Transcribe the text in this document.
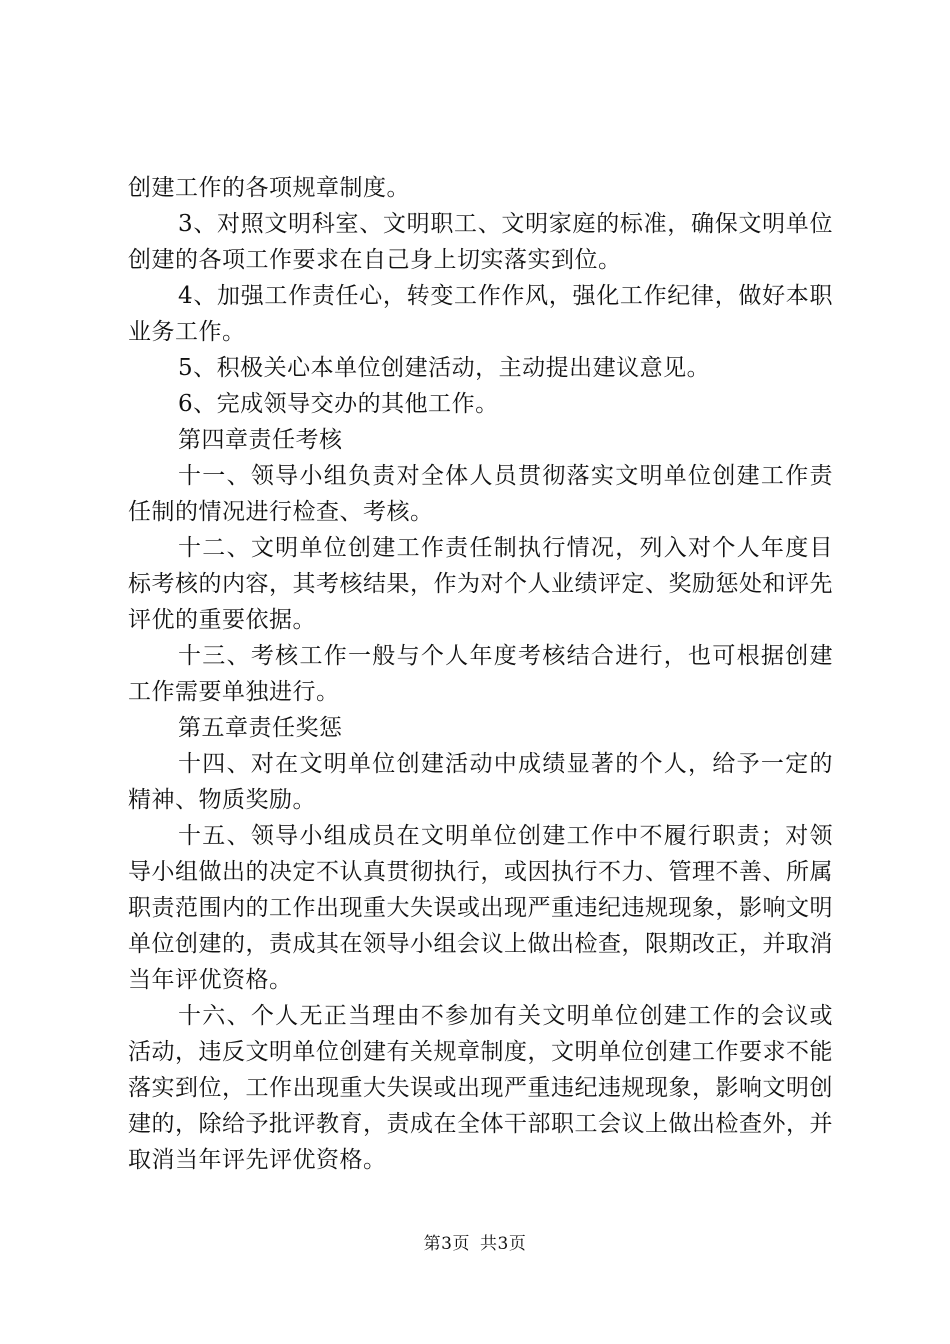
创建工作的各项规章制度。

3、对照文明科室、文明职工、文明家庭的标准，确保文明单位创建的各项工作要求在自己身上切实落实到位。

4、加强工作责任心，转变工作作风，强化工作纪律，做好本职业务工作。

5、积极关心本单位创建活动，主动提出建议意见。

6、完成领导交办的其他工作。

第四章责任考核

十一、领导小组负责对全体人员贯彻落实文明单位创建工作责任制的情况进行检查、考核。

十二、文明单位创建工作责任制执行情况，列入对个人年度目标考核的内容，其考核结果，作为对个人业绩评定、奖励惩处和评先评优的重要依据。

十三、考核工作一般与个人年度考核结合进行，也可根据创建工作需要单独进行。

第五章责任奖惩

十四、对在文明单位创建活动中成绩显著的个人，给予一定的精神、物质奖励。

十五、领导小组成员在文明单位创建工作中不履行职责；对领导小组做出的决定不认真贯彻执行，或因执行不力、管理不善、所属职责范围内的工作出现重大失误或出现严重违纪违规现象，影响文明单位创建的，责成其在领导小组会议上做出检查，限期改正，并取消当年评优资格。

十六、个人无正当理由不参加有关文明单位创建工作的会议或活动，违反文明单位创建有关规章制度，文明单位创建工作要求不能落实到位，工作出现重大失误或出现严重违纪违规现象，影响文明创建的，除给予批评教育，责成在全体干部职工会议上做出检查外，并取消当年评先评优资格。

第3页 共3页
